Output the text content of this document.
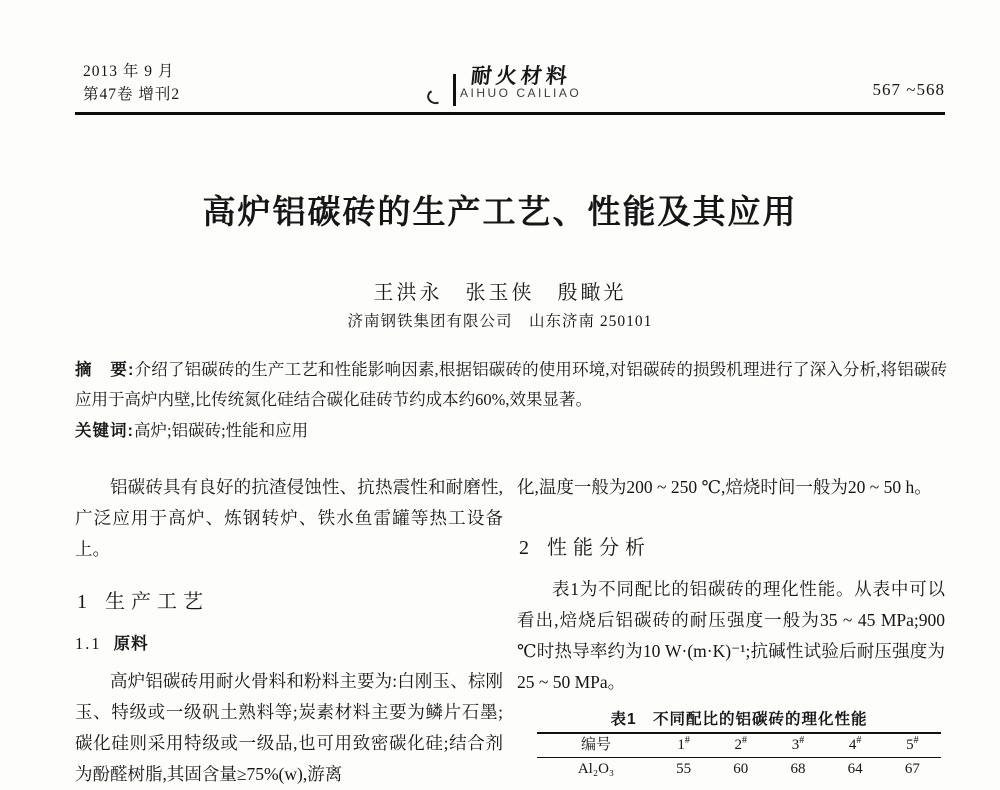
2013 年 9 月
第47卷 增刊2
耐火材料
AIHUO CAILIAO	567 ~568
高炉铝碳砖的生产工艺、性能及其应用
王洪永　张玉侠　殷瞰光
济南钢铁集团有限公司　山东济南 250101
摘　要:介绍了铝碳砖的生产工艺和性能影响因素,根据铝碳砖的使用环境,对铝碳砖的损毁机理进行了深入分析,将铝碳砖应用于高炉内壁,比传统氮化硅结合碳化硅砖节约成本约60%,效果显著。
关键词:高炉;铝碳砖;性能和应用

铝碳砖具有良好的抗渣侵蚀性、抗热震性和耐磨性,广泛应用于高炉、炼钢转炉、铁水鱼雷罐等热工设备上。

1 生产工艺

1.1 原料

高炉铝碳砖用耐火骨料和粉料主要为:白刚玉、棕刚玉、特级或一级矾土熟料等;炭素材料主要为鳞片石墨;碳化硅则采用特级或一级品,也可用致密碳化硅;结合剂为酚醛树脂,其固含量≥75%(w),游离

化,温度一般为200 ~ 250 ℃,焙烧时间一般为20 ~ 50 h。

2 性能分析

表1为不同配比的铝碳砖的理化性能。从表中可以看出,焙烧后铝碳砖的耐压强度一般为35 ~ 45 MPa;900 ℃时热导率约为10 W·(m·K)⁻¹;抗碱性试验后耐压强度为25 ~ 50 MPa。

表1　不同配比的铝碳砖的理化性能
编号	1#	2#	3#	4#	5#
Al₂O₃	55	60	68	64	67
